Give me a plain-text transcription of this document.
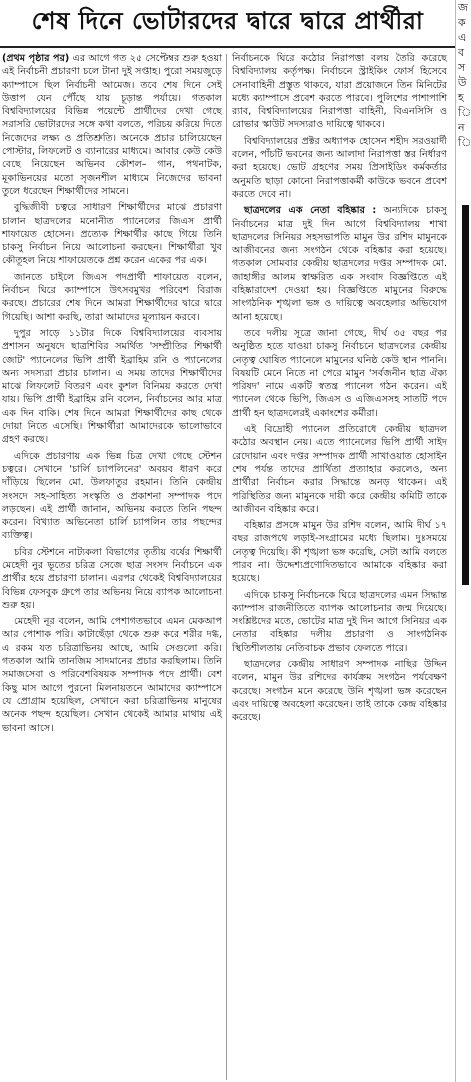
শেষ দিনে ভোটারদের দ্বারে দ্বারে প্রার্থীরা

(প্রথম পৃষ্ঠার পর) এর আগে গত ২৫ সেপ্টেম্বর শুরু হওয়া এই নির্বাচনী প্রচারণা চলে টানা দুই সপ্তাহ। পুরো সময়জুড়ে ক্যাম্পাসে ছিল নির্বাচনী আমেজ। তবে শেষ দিনে সেই উত্তাপ যেন পৌঁছে যায় চূড়ান্ত পর্যায়ে। গতকাল বিশ্ববিদ্যালয়ের বিভিন্ন পয়েন্টে প্রার্থীদের দেখা গেছে সরাসরি ভোটারদের সঙ্গে কথা বলতে, পরিচয় করিয়ে দিতে নিজেদের লক্ষ্য ও প্রতিশ্রুতি। অনেকে প্রচার চালিয়েছেন পোস্টার, লিফলেট ও ব্যানারের মাধ্যমে। আবার কেউ কেউ বেছে নিয়েছেন অভিনব কৌশল– গান, পথনাটক, মূকাভিনয়ের মতো সৃজনশীল মাধ্যমে নিজেদের ভাবনা তুলে ধরেছেন শিক্ষার্থীদের সামনে।

বুদ্ধিজীবী চত্বরে সাধারণ শিক্ষার্থীদের মাঝে প্রচারণা চালান ছাত্রদলের মনোনীত প্যানেলের জিএস প্রার্থী শাফায়েত হোসেন। প্রত্যেক শিক্ষার্থীর কাছে গিয়ে তিনি চাকসু নির্বাচন নিয়ে আলোচনা করছেন। শিক্ষার্থীরা খুব কৌতূহল নিয়ে শাফায়েতকে প্রশ্ন করেন একের পর এক।

জানতে চাইলে জিএস পদপ্রার্থী শাফায়েত বলেন, নির্বাচন ঘিরে ক্যাম্পাসে উৎসবমুখর পরিবেশ বিরাজ করছে। প্রচারের শেষ দিনে আমরা শিক্ষার্থীদের দ্বারে দ্বারে গিয়েছি। আশা করছি, তারা আমাদের মূল্যায়ন করবে।

দুপুর সাড়ে ১১টার দিকে বিশ্ববিদ্যালয়ের ব্যবসায় প্রশাসন অনুষদে ছাত্রশিবির সমর্থিত 'সম্প্রীতির শিক্ষার্থী জোট' প্যানেলের ভিপি প্রার্থী ইব্রাহিম রনি ও প্যানেলের অন্য সদস্যরা প্রচার চালান। এ সময় তাদের শিক্ষার্থীদের মাঝে লিফলেট বিতরণ এবং কুশল বিনিময় করতে দেখা যায়। ভিপি প্রার্থী ইব্রাহিম রনি বলেন, নির্বাচনের আর মাত্র এক দিন বাকি। শেষ দিনে আমরা শিক্ষার্থীদের কাছ থেকে দোয়া নিতে এসেছি। শিক্ষার্থীরা আমাদেরকে ভালোভাবে গ্রহণ করছে।

এদিকে প্রচারণায় এক ভিন্ন চিত্র দেখা গেছে স্টেশন চত্বরে। সেখানে 'চার্লি চ্যাপলিনের' অবয়ব ধারণ করে দাঁড়িয়ে ছিলেন মো. উলফাতুর রহমান। তিনি কেন্দ্রীয় সংসদে সহ-সাহিত্য সংস্কৃতি ও প্রকাশনা সম্পাদক পদে লড়ছেন। এই প্রার্থী জানান, অভিনয় করতে তিনি পছন্দ করেন। বিখ্যাত অভিনেতা চার্লি চ্যাপলিন তার পছন্দের ব্যক্তিত্ব।

চবির স্টেশনে নাট্যকলা বিভাগের তৃতীয় বর্ষের শিক্ষার্থী মেহেদী নুর ভূতের চরিত্র সেজে ছাত্র সংসদ নির্বাচনে এক প্রার্থীর হয়ে প্রচারণা চালান। এরপর থেকেই বিশ্ববিদ্যালয়ের বিভিন্ন ফেসবুক গ্রুপে তার অভিনয় নিয়ে ব্যাপক আলোচনা শুরু হয়।

মেহেদী নূর বলেন, আমি পেশাগতভাবে এমন মেকআপ আর পোশাক পরি। কাটাছেঁড়া থেকে শুরু করে শরীর দগ্ধ, এ রকম যত চরিত্রাভিনয় আছে, আমি সেগুলো করি। গতকাল আমি তানজিম সাদমানের প্রচার করছিলাম। তিনি সমাজসেবা ও পরিবেশবিষয়ক সম্পাদক পদে প্রার্থী। বেশ কিছু মাস আগে পুরনো মিলনায়তনে আমাদের ক্যাম্পাসে যে প্রোগ্রাম হয়েছিল, সেখানে করা চরিত্রাভিনয় মানুষের অনেক পছন্দ হয়েছিল। সেখান থেকেই আমার মাথায় এই ভাবনা আসে।

নির্বাচনকে ঘিরে কঠোর নিরাপত্তা বলয় তৈরি করেছে বিশ্ববিদ্যালয় কর্তৃপক্ষ। নির্বাচনে স্ট্রাইকিং ফোর্স হিসেবে সেনাবাহিনী প্রস্তুত থাকবে, যারা প্রয়োজনে তিন মিনিটের মধ্যে ক্যাম্পাসে প্রবেশ করতে পারবে। পুলিশের পাশাপাশি র‌্যাব, বিশ্ববিদ্যালয়ের নিরাপত্তা বাহিনী, বিএনসিসি ও রোভার স্কাউট সদস্যরাও দায়িত্বে থাকবে।

বিশ্ববিদ্যালয়ের প্রক্টর অধ্যাপক হোসেন শহীদ সরওয়ার্দী বলেন, পাঁচটি ভবনের জন্য আলাদা নিরাপত্তা স্তর নির্ধারণ করা হয়েছে। ভোট গ্রহণের সময় প্রিসাইডিং কর্মকর্তার অনুমতি ছাড়া কোনো নিরাপত্তাকর্মী কাউকে ভবনে প্রবেশ করতে দেবে না।

ছাত্রদলের এক নেতা বহিষ্কার : অন্যদিকে চাকসু নির্বাচনের মাত্র দুই দিন আগে বিশ্ববিদ্যালয় শাখা ছাত্রদলের সিনিয়র সহসভাপতি মামুন উর রশিদ মামুনকে আজীবনের জন্য সংগঠন থেকে বহিষ্কার করা হয়েছে। গতকাল সোমবার কেন্দ্রীয় ছাত্রদলের দপ্তর সম্পাদক মো. জাহাঙ্গীর আলম স্বাক্ষরিত এক সংবাদ বিজ্ঞপ্তিতে এই বহিষ্কারাদেশ দেওয়া হয়। বিজ্ঞপ্তিতে মামুনের বিরুদ্ধে সাংগঠনিক শৃঙ্খলা ভঙ্গ ও দায়িত্বে অবহেলার অভিযোগ আনা হয়েছে।

তবে দলীয় সূত্রে জানা গেছে, দীর্ঘ ৩৫ বছর পর অনুষ্ঠিত হতে যাওয়া চাকসু নির্বাচনে ছাত্রদলের কেন্দ্রীয় নেতৃত্ব ঘোষিত প্যানেলে মামুনের ঘনিষ্ঠ কেউ স্থান পাননি। বিষয়টি মেনে নিতে না পেরে মামুন 'সর্বজনীন ছাত্র ঐক্য পরিষদ' নামে একটি স্বতন্ত্র প্যানেল গঠন করেন। এই প্যানেল থেকে ভিপি, জিএস ও এজিএসসহ সাতটি পদে প্রার্থী হন ছাত্রদলেরই একাংশের কর্মীরা।

এই বিদ্রোহী প্যানেল প্রতিরোধে কেন্দ্রীয় ছাত্রদল কঠোর অবস্থান নেয়। এতে প্যানেলের ভিপি প্রার্থী সাইদ রেদোয়ান এবং দপ্তর সম্পাদক প্রার্থী সাখাওয়াত হোসাইন শেষ পর্যন্ত তাদের প্রার্থিতা প্রত্যাহার করলেও, অন্য প্রার্থীরা নির্বাচন করার সিদ্ধান্তে অনড় থাকেন। এই পরিস্থিতির জন্য মামুনকে দায়ী করে কেন্দ্রীয় কমিটি তাকে আজীবন বহিষ্কার করে।

বহিষ্কার প্রসঙ্গে মামুন উর রশিদ বলেন, আমি দীর্ঘ ১৭ বছর রাজপথে লড়াই-সংগ্রামের মধ্যে ছিলাম। দুঃসময়ে নেতৃত্ব দিয়েছি। কী শৃঙ্খলা ভঙ্গ করেছি, সেটা আমি বলতে পারব না। উদ্দেশ্যপ্রণোদিতভাবে আমাকে বহিষ্কার করা হয়েছে।

এদিকে চাকসু নির্বাচনকে ঘিরে ছাত্রদলের এমন সিদ্ধান্ত ক্যাম্পাস রাজনীতিতে ব্যাপক আলোচনার জন্ম দিয়েছে। সংশ্লিষ্টদের মতে, ভোটের মাত্র দুই দিন আগে সিনিয়র এক নেতার বহিষ্কার দলীয় প্রচারণা ও সাংগঠনিক স্থিতিশীলতায় নেতিবাচক প্রভাব ফেলতে পারে।

ছাত্রদলের কেন্দ্রীয় সাধারণ সম্পাদক নাছির উদ্দিন বলেন, মামুন উর রশিদের কার্যক্রম সংগঠন পর্যবেক্ষণ করেছে। সংগঠন মনে করেছে উনি শৃঙ্খলা ভঙ্গ করেছেন এবং দায়িত্বে অবহেলা করেছেন। তাই তাকে কেন্দ্র বহিষ্কার করেছে।

জ
ক
এ
ব
স
উ
হ
ি
ন
ি
